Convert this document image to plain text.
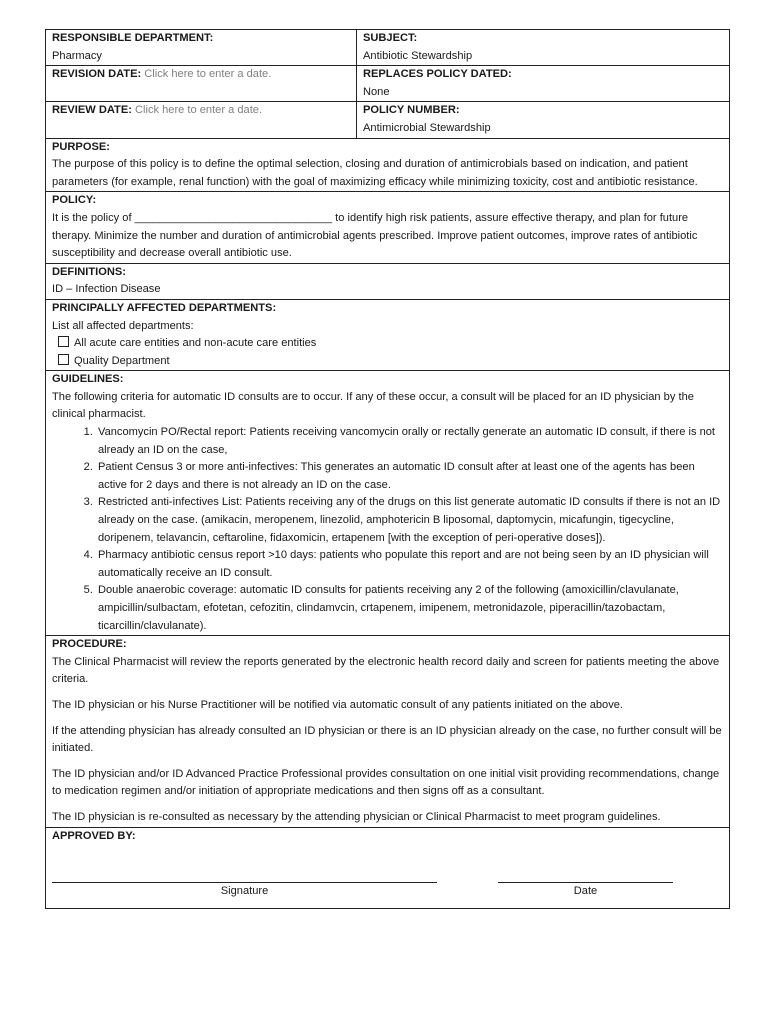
RESPONSIBLE DEPARTMENT:
Pharmacy
SUBJECT:
Antibiotic Stewardship
REVISION DATE: Click here to enter a date.	REPLACES POLICY DATED:
None
REVIEW DATE: Click here to enter a date.	POLICY NUMBER:
Antimicrobial Stewardship
PURPOSE:

The purpose of this policy is to define the optimal selection, closing and duration of antimicrobials based on indication, and patient parameters (for example, renal function) with the goal of maximizing efficacy while minimizing toxicity, cost and antibiotic resistance.

POLICY:

It is the policy of ________________________________ to identify high risk patients, assure effective therapy, and plan for future therapy. Minimize the number and duration of antimicrobial agents prescribed. Improve patient outcomes, improve rates of antibiotic susceptibility and decrease overall antibiotic use.

DEFINITIONS:

ID – Infection Disease

PRINCIPALLY AFFECTED DEPARTMENTS:

List all affected departments:

All acute care entities and non-acute care entities
Quality Department
GUIDELINES:

The following criteria for automatic ID consults are to occur. If any of these occur, a consult will be placed for an ID physician by the clinical pharmacist.

1. Vancomycin PO/Rectal report: Patients receiving vancomycin orally or rectally generate an automatic ID consult, if there is not already an ID on the case,
2. Patient Census 3 or more anti-infectives: This generates an automatic ID consult after at least one of the agents has been active for 2 days and there is not already an ID on the case.
3. Restricted anti-infectives List: Patients receiving any of the drugs on this list generate automatic ID consults if there is not an ID already on the case. (amikacin, meropenem, linezolid, amphotericin B liposomal, daptomycin, micafungin, tigecycline, doripenem, telavancin, ceftaroline, fidaxomicin, ertapenem [with the exception of peri-operative doses]).
4. Pharmacy antibiotic census report >10 days: patients who populate this report and are not being seen by an ID physician will automatically receive an ID consult.
5. Double anaerobic coverage: automatic ID consults for patients receiving any 2 of the following (amoxicillin/clavulanate, ampicillin/sulbactam, efotetan, cefozitin, clindamvcin, crtapenem, imipenem, metronidazole, piperacillin/tazobactam, ticarcillin/clavulanate).
PROCEDURE:

The Clinical Pharmacist will review the reports generated by the electronic health record daily and screen for patients meeting the above criteria.

The ID physician or his Nurse Practitioner will be notified via automatic consult of any patients initiated on the above.

If the attending physician has already consulted an ID physician or there is an ID physician already on the case, no further consult will be initiated.

The ID physician and/or ID Advanced Practice Professional provides consultation on one initial visit providing recommendations, change to medication regimen and/or initiation of appropriate medications and then signs off as a consultant.

The ID physician is re-consulted as necessary by the attending physician or Clinical Pharmacist to meet program guidelines.

APPROVED BY:
Signature	Date
